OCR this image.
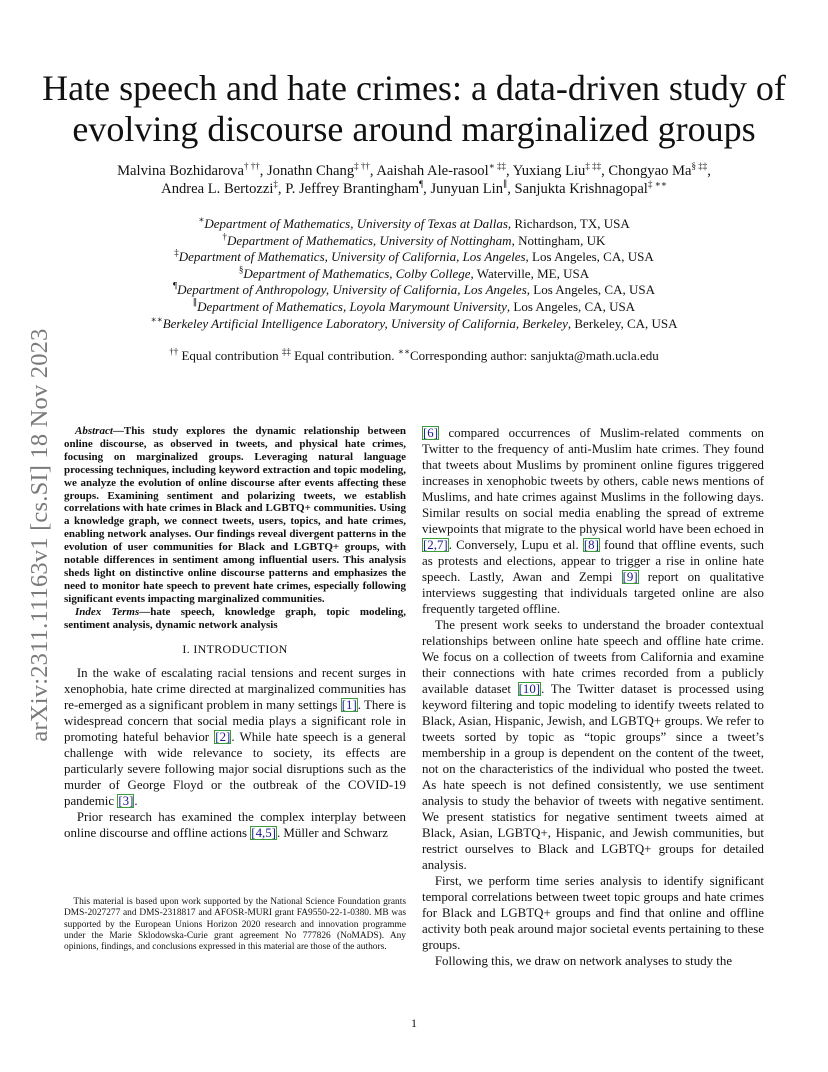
arXiv:2311.11163v1 [cs.SI] 18 Nov 2023
Hate speech and hate crimes: a data-driven study of evolving discourse around marginalized groups
Malvina Bozhidarova† ††, Jonathn Chang‡ ††, Aaishah Ale-rasool∗ ‡‡, Yuxiang Liu‡ ‡‡, Chongyao Ma§ ‡‡,
Andrea L. Bertozzi‡, P. Jeffrey Brantingham¶, Junyuan Lin∥, Sanjukta Krishnagopal‡ ∗∗
∗Department of Mathematics, University of Texas at Dallas, Richardson, TX, USA
†Department of Mathematics, University of Nottingham, Nottingham, UK
‡Department of Mathematics, University of California, Los Angeles, Los Angeles, CA, USA
§Department of Mathematics, Colby College, Waterville, ME, USA
¶Department of Anthropology, University of California, Los Angeles, Los Angeles, CA, USA
∥Department of Mathematics, Loyola Marymount University, Los Angeles, CA, USA
∗∗Berkeley Artificial Intelligence Laboratory, University of California, Berkeley, Berkeley, CA, USA
†† Equal contribution ‡‡ Equal contribution. ∗∗Corresponding author: sanjukta@math.ucla.edu

Abstract—This study explores the dynamic relationship between online discourse, as observed in tweets, and physical hate crimes, focusing on marginalized groups. Leveraging natural language processing techniques, including keyword extraction and topic modeling, we analyze the evolution of online discourse after events affecting these groups. Examining sentiment and polarizing tweets, we establish correlations with hate crimes in Black and LGBTQ+ communities. Using a knowledge graph, we connect tweets, users, topics, and hate crimes, enabling network analyses. Our findings reveal divergent patterns in the evolution of user communities for Black and LGBTQ+ groups, with notable differences in sentiment among influential users. This analysis sheds light on distinctive online discourse patterns and emphasizes the need to monitor hate speech to prevent hate crimes, especially following significant events impacting marginalized communities.

Index Terms—hate speech, knowledge graph, topic modeling, sentiment analysis, dynamic network analysis

I. INTRODUCTION

In the wake of escalating racial tensions and recent surges in xenophobia, hate crime directed at marginalized communities has re-emerged as a significant problem in many settings [1]. There is widespread concern that social media plays a significant role in promoting hateful behavior [2]. While hate speech is a general challenge with wide relevance to society, its effects are particularly severe following major social disruptions such as the murder of George Floyd or the outbreak of the COVID-19 pandemic [3].

Prior research has examined the complex interplay between online discourse and offline actions [4,5]. Müller and Schwarz

This material is based upon work supported by the National Science Foundation grants DMS-2027277 and DMS-2318817 and AFOSR-MURI grant FA9550-22-1-0380. MB was supported by the European Unions Horizon 2020 research and innovation programme under the Marie Sklodowska-Curie grant agreement No 777826 (NoMADS). Any opinions, findings, and conclusions expressed in this material are those of the authors.

[6] compared occurrences of Muslim-related comments on Twitter to the frequency of anti-Muslim hate crimes. They found that tweets about Muslims by prominent online figures triggered increases in xenophobic tweets by others, cable news mentions of Muslims, and hate crimes against Muslims in the following days. Similar results on social media enabling the spread of extreme viewpoints that migrate to the physical world have been echoed in [2,7]. Conversely, Lupu et al. [8] found that offline events, such as protests and elections, appear to trigger a rise in online hate speech. Lastly, Awan and Zempi [9] report on qualitative interviews suggesting that individuals targeted online are also frequently targeted offline.

The present work seeks to understand the broader contextual relationships between online hate speech and offline hate crime. We focus on a collection of tweets from California and examine their connections with hate crimes recorded from a publicly available dataset [10]. The Twitter dataset is processed using keyword filtering and topic modeling to identify tweets related to Black, Asian, Hispanic, Jewish, and LGBTQ+ groups. We refer to tweets sorted by topic as “topic groups” since a tweet’s membership in a group is dependent on the content of the tweet, not on the characteristics of the individual who posted the tweet. As hate speech is not defined consistently, we use sentiment analysis to study the behavior of tweets with negative sentiment. We present statistics for negative sentiment tweets aimed at Black, Asian, LGBTQ+, Hispanic, and Jewish communities, but restrict ourselves to Black and LGBTQ+ groups for detailed analysis.

First, we perform time series analysis to identify significant temporal correlations between tweet topic groups and hate crimes for Black and LGBTQ+ groups and find that online and offline activity both peak around major societal events pertaining to these groups.

Following this, we draw on network analyses to study the

1
